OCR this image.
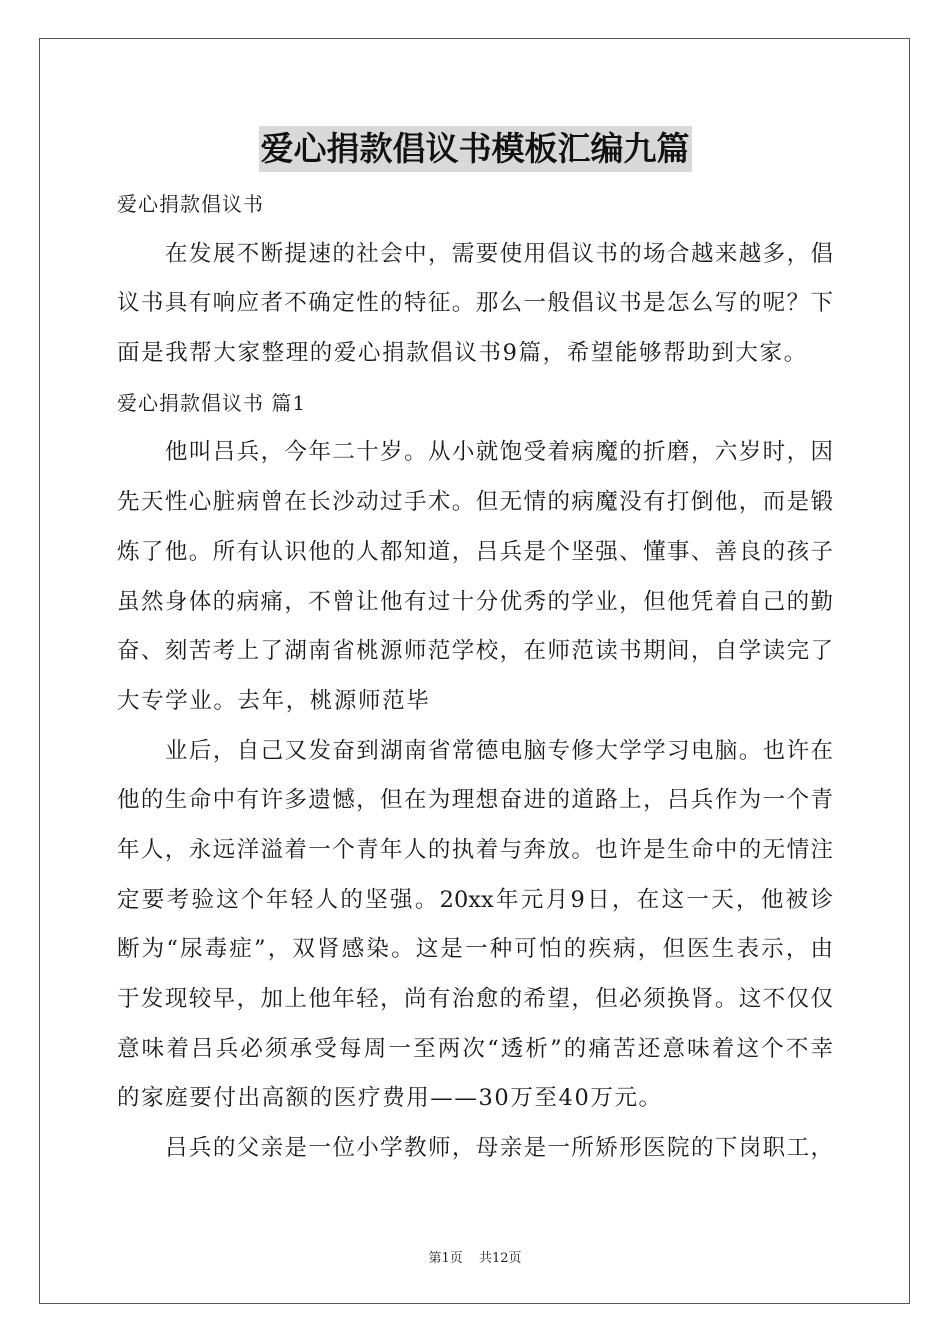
爱心捐款倡议书模板汇编九篇
爱心捐款倡议书
在发展不断提速的社会中，需要使用倡议书的场合越来越多，倡
议书具有响应者不确定性的特征。那么一般倡议书是怎么写的呢？下
面是我帮大家整理的爱心捐款倡议书9篇，希望能够帮助到大家。
爱心捐款倡议书 篇1
他叫吕兵，今年二十岁。从小就饱受着病魔的折磨，六岁时，因
先天性心脏病曾在长沙动过手术。但无情的病魔没有打倒他，而是锻
炼了他。所有认识他的人都知道，吕兵是个坚强、懂事、善良的孩子
虽然身体的病痛，不曾让他有过十分优秀的学业，但他凭着自己的勤
奋、刻苦考上了湖南省桃源师范学校，在师范读书期间，自学读完了
大专学业。去年，桃源师范毕
业后，自己又发奋到湖南省常德电脑专修大学学习电脑。也许在
他的生命中有许多遗憾，但在为理想奋进的道路上，吕兵作为一个青
年人，永远洋溢着一个青年人的执着与奔放。也许是生命中的无情注
定要考验这个年轻人的坚强。20xx年元月9日，在这一天，他被诊
断为“尿毒症”，双肾感染。这是一种可怕的疾病，但医生表示，由
于发现较早，加上他年轻，尚有治愈的希望，但必须换肾。这不仅仅
意味着吕兵必须承受每周一至两次“透析”的痛苦还意味着这个不幸
的家庭要付出高额的医疗费用——30万至40万元。
吕兵的父亲是一位小学教师，母亲是一所矫形医院的下岗职工，
第1页 共12页
